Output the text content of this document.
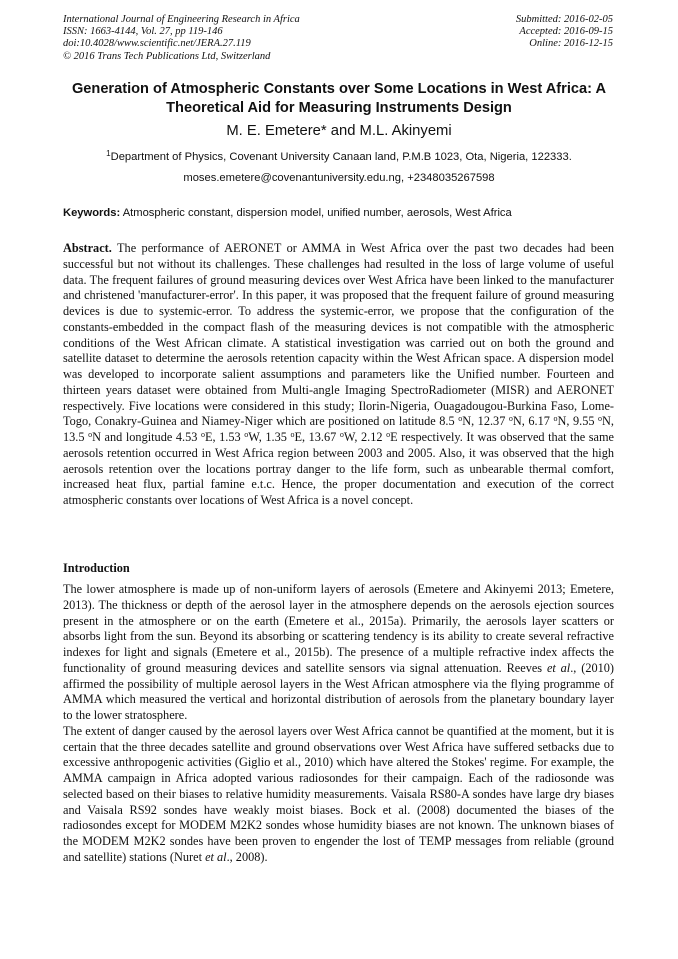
International Journal of Engineering Research in Africa
ISSN: 1663-4144, Vol. 27, pp 119-146
doi:10.4028/www.scientific.net/JERA.27.119
© 2016 Trans Tech Publications Ltd, Switzerland
Submitted: 2016-02-05
Accepted: 2016-09-15
Online: 2016-12-15
Generation of Atmospheric Constants over Some Locations in West Africa: A Theoretical Aid for Measuring Instruments Design
M. E. Emetere* and M.L. Akinyemi
$^1$Department of Physics, Covenant University Canaan land, P.M.B 1023, Ota, Nigeria, 122333.
moses.emetere@covenantuniversity.edu.ng, +2348035267598
Keywords: Atmospheric constant, dispersion model, unified number, aerosols, West Africa
Abstract. The performance of AERONET or AMMA in West Africa over the past two decades had been successful but not without its challenges. These challenges had resulted in the loss of large volume of useful data. The frequent failures of ground measuring devices over West Africa have been linked to the manufacturer and christened 'manufacturer-error'. In this paper, it was proposed that the frequent failure of ground measuring devices is due to systemic-error. To address the systemic-error, we propose that the configuration of the constants-embedded in the compact flash of the measuring devices is not compatible with the atmospheric conditions of the West African climate. A statistical investigation was carried out on both the ground and satellite dataset to determine the aerosols retention capacity within the West African space. A dispersion model was developed to incorporate salient assumptions and parameters like the Unified number. Fourteen and thirteen years dataset were obtained from Multi-angle Imaging SpectroRadiometer (MISR) and AERONET respectively. Five locations were considered in this study; Ilorin-Nigeria, Ouagadougou-Burkina Faso, Lome-Togo, Conakry-Guinea and Niamey-Niger which are positioned on latitude 8.5 $^o$N, 12.37 $^o$N, 6.17 $^o$N, 9.55 $^o$N, 13.5 $^o$N and longitude 4.53 $^o$E, 1.53 $^o$W, 1.35 $^o$E, 13.67 $^o$W, 2.12 $^o$E respectively. It was observed that the same aerosols retention occurred in West Africa region between 2003 and 2005. Also, it was observed that the high aerosols retention over the locations portray danger to the life form, such as unbearable thermal comfort, increased heat flux, partial famine e.t.c. Hence, the proper documentation and execution of the correct atmospheric constants over locations of West Africa is a novel concept.
Introduction

The lower atmosphere is made up of non-uniform layers of aerosols (Emetere and Akinyemi 2013; Emetere, 2013). The thickness or depth of the aerosol layer in the atmosphere depends on the aerosols ejection sources present in the atmosphere or on the earth (Emetere et al., 2015a). Primarily, the aerosols layer scatters or absorbs light from the sun. Beyond its absorbing or scattering tendency is its ability to create several refractive indexes for light and signals (Emetere et al., 2015b). The presence of a multiple refractive index affects the functionality of ground measuring devices and satellite sensors via signal attenuation. Reeves et al., (2010) affirmed the possibility of multiple aerosol layers in the West African atmosphere via the flying programme of AMMA which measured the vertical and horizontal distribution of aerosols from the planetary boundary layer to the lower stratosphere.

The extent of danger caused by the aerosol layers over West Africa cannot be quantified at the moment, but it is certain that the three decades satellite and ground observations over West Africa have suffered setbacks due to excessive anthropogenic activities (Giglio et al., 2010) which have altered the Stokes' regime. For example, the AMMA campaign in Africa adopted various radiosondes for their campaign. Each of the radiosonde was selected based on their biases to relative humidity measurements. Vaisala RS80-A sondes have large dry biases and Vaisala RS92 sondes have weakly moist biases. Bock et al. (2008) documented the biases of the radiosondes except for MODEM M2K2 sondes whose humidity biases are not known. The unknown biases of the MODEM M2K2 sondes have been proven to engender the lost of TEMP messages from reliable (ground and satellite) stations (Nuret et al., 2008).
